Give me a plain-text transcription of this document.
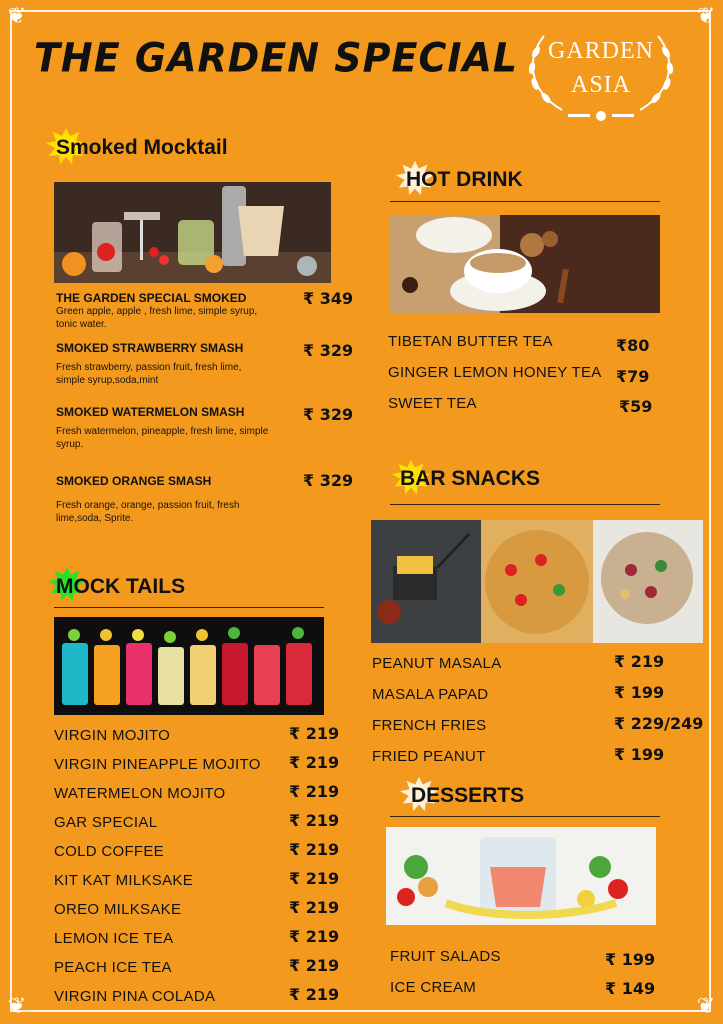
❦	❦
❦	❦
THE GARDEN SPECIAL	GARDEN
ASIA
Smoked Mocktail
THE GARDEN SPECIAL SMOKED
Green apple, apple , fresh lime, simple syrup, tonic water.
₹ 349
SMOKED STRAWBERRY SMASH
Fresh strawberry, passion fruit, fresh lime, simple syrup,soda,mint
₹ 329
SMOKED WATERMELON SMASH
Fresh watermelon, pineapple, fresh lime, simple syrup.
₹ 329
SMOKED ORANGE SMASH
Fresh orange, orange, passion fruit, fresh lime,soda, Sprite.
₹ 329
MOCK TAILS
VIRGIN MOJITO	₹ 219
VIRGIN PINEAPPLE MOJITO ₹ 219
WATERMELON MOJITO	₹ 219
GAR SPECIAL	₹ 219
COLD COFFEE	₹ 219
KIT KAT MILKSAKE	₹ 219
OREO MILKSAKE	₹ 219
LEMON ICE TEA	₹ 219
PEACH ICE TEA	₹ 219
VIRGIN PINA COLADA	₹ 219
HOT DRINK
TIBETAN BUTTER TEA	₹80
GINGER LEMON HONEY TEA ₹79
SWEET TEA	₹59
BAR SNACKS
PEANUT MASALA	₹ 219
MASALA PAPAD	₹ 199
FRENCH FRIES	₹ 229/249
FRIED PEANUT	₹ 199
DESSERTS
FRUIT SALADS	₹ 199
ICE CREAM	₹ 149
